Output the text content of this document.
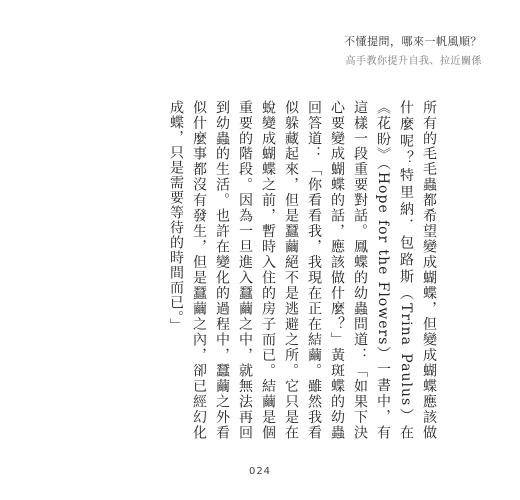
不懂提問，哪來一帆風順？
高手教你提升自我、拉近關係

所有的毛毛蟲都希望變成蝴蝶，但變成蝴蝶應該做什麼呢？特里納．包路斯（Trina Paulus）在《花盼》（Hope for the Flowers）一書中，有這樣一段重要對話。鳳蝶的幼蟲問道：「如果下決心要變成蝴蝶的話，應該做什麼？」黃斑蝶的幼蟲回答道：「你看看我，我現在正在結繭。雖然我看似躲藏起來，但是蠶繭絕不是逃避之所。它只是在蛻變成蝴蝶之前，暫時入住的房子而已。結繭是個重要的階段。因為一旦進入蠶繭之中，就無法再回到幼蟲的生活。也許在變化的過程中，蠶繭之外看似什麼事都沒有發生，但是蠶繭之內，卻已經幻化成蝶，只是需要等待的時間而已。」

024
